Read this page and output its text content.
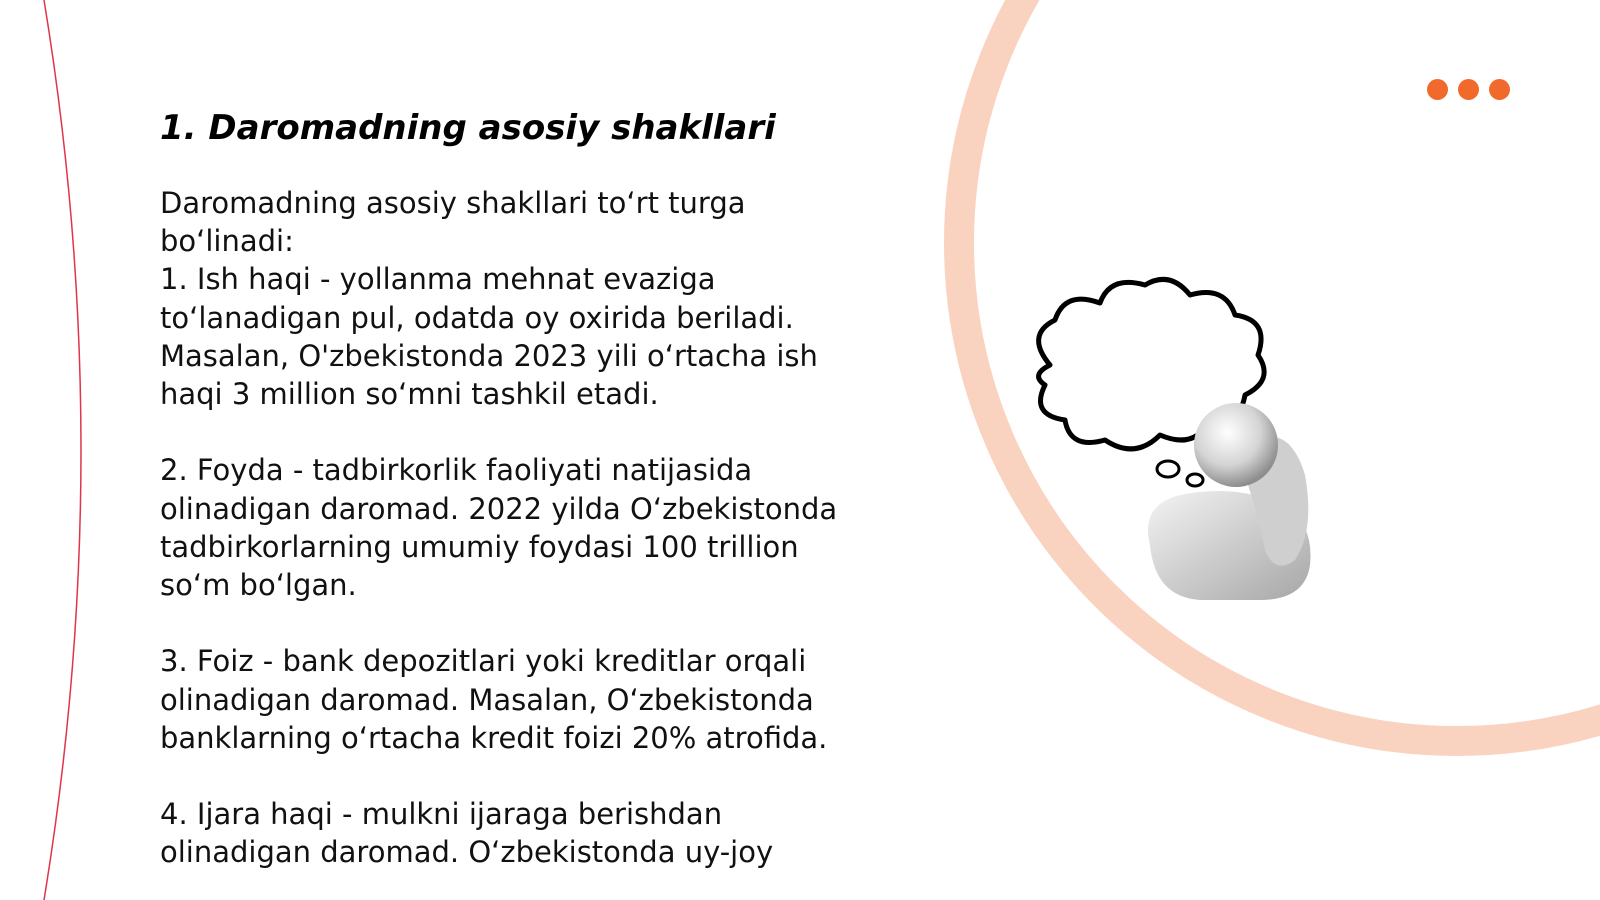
1. Daromadning asosiy shakllari
Daromadning asosiy shakllari to‘rt turga bo‘linadi:
1. Ish haqi - yollanma mehnat evaziga to‘lanadigan pul, odatda oy oxirida beriladi. Masalan, O'zbekistonda 2023 yili o‘rtacha ish haqi 3 million so‘mni tashkil etadi.

2. Foyda - tadbirkorlik faoliyati natijasida olinadigan daromad. 2022 yilda O‘zbekistonda tadbirkorlarning umumiy foydasi 100 trillion so‘m bo‘lgan.

3. Foiz - bank depozitlari yoki kreditlar orqali olinadigan daromad. Masalan, O‘zbekistonda banklarning o‘rtacha kredit foizi 20% atrofida.

4. Ijara haqi - mulkni ijaraga berishdan olinadigan daromad. O‘zbekistonda uy-joy
